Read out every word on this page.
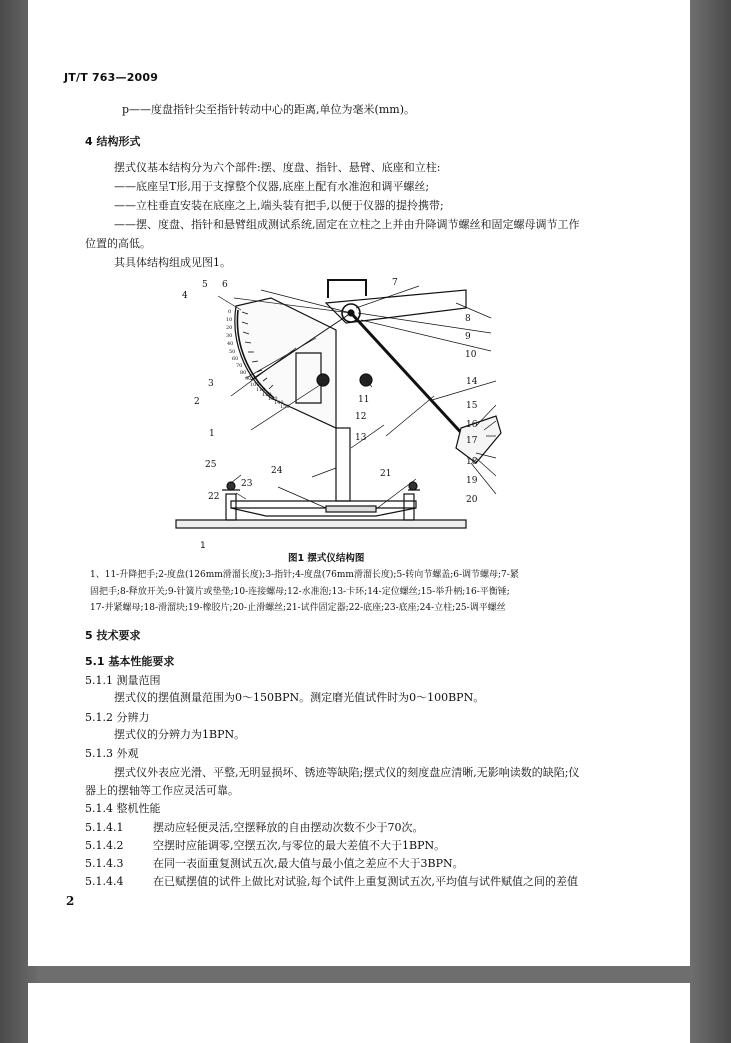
JT/T 763—2009
p——度盘指针尖至指针转动中心的距离,单位为毫米(mm)。
4 结构形式
摆式仪基本结构分为六个部件:摆、度盘、指针、悬臂、底座和立柱:
——底座呈T形,用于支撑整个仪器,底座上配有水准泡和调平螺丝;
——立柱垂直安装在底座之上,端头装有把手,以便于仪器的提拎携带;
——摆、度盘、指针和悬臂组成测试系统,固定在立柱之上并由升降调节螺丝和固定螺母调节工作
位置的高低。
其具体结构组成见图1。
1
1
2
3
4
5 6	7
8
9
10
11
12
13
14
15
16
17
18
19
20
21
22
23
24
25
0
10
20
30
40
50
60
70
80
90
100
110
120
130
140
150
图1 摆式仪结构图
1、11-升降把手;2-度盘(126mm滑溜长度);3-指针;4-度盘(76mm滑溜长度);5-转向节螺盖;6-调节螺母;7-紧
固把手;8-释放开关;9-针簧片或垫垫;10-连接螺母;12-水准泡;13-卡环;14-定位螺丝;15-举升柄;16-平衡锤;
17-并紧螺母;18-滑溜块;19-橡胶片;20-止滑螺丝;21-试件固定器;22-底座;23-底座;24-立柱;25-调平螺丝
5 技术要求
5.1 基本性能要求
5.1.1 测量范围
摆式仪的摆值测量范围为0～150BPN。测定磨光值试件时为0～100BPN。
5.1.2 分辨力
摆式仪的分辨力为1BPN。
5.1.3 外观
摆式仪外表应光滑、平整,无明显损坏、锈迹等缺陷;摆式仪的刻度盘应清晰,无影响读数的缺陷;仪
器上的摆轴等工作应灵活可靠。
5.1.4 整机性能
5.1.4.1	摆动应轻便灵活,空摆释放的自由摆动次数不少于70次。
5.1.4.2	空摆时应能调零,空摆五次,与零位的最大差值不大于1BPN。
5.1.4.3	在同一表面重复测试五次,最大值与最小值之差应不大于3BPN。
5.1.4.4	在已赋摆值的试件上做比对试验,每个试件上重复测试五次,平均值与试件赋值之间的差值
2
